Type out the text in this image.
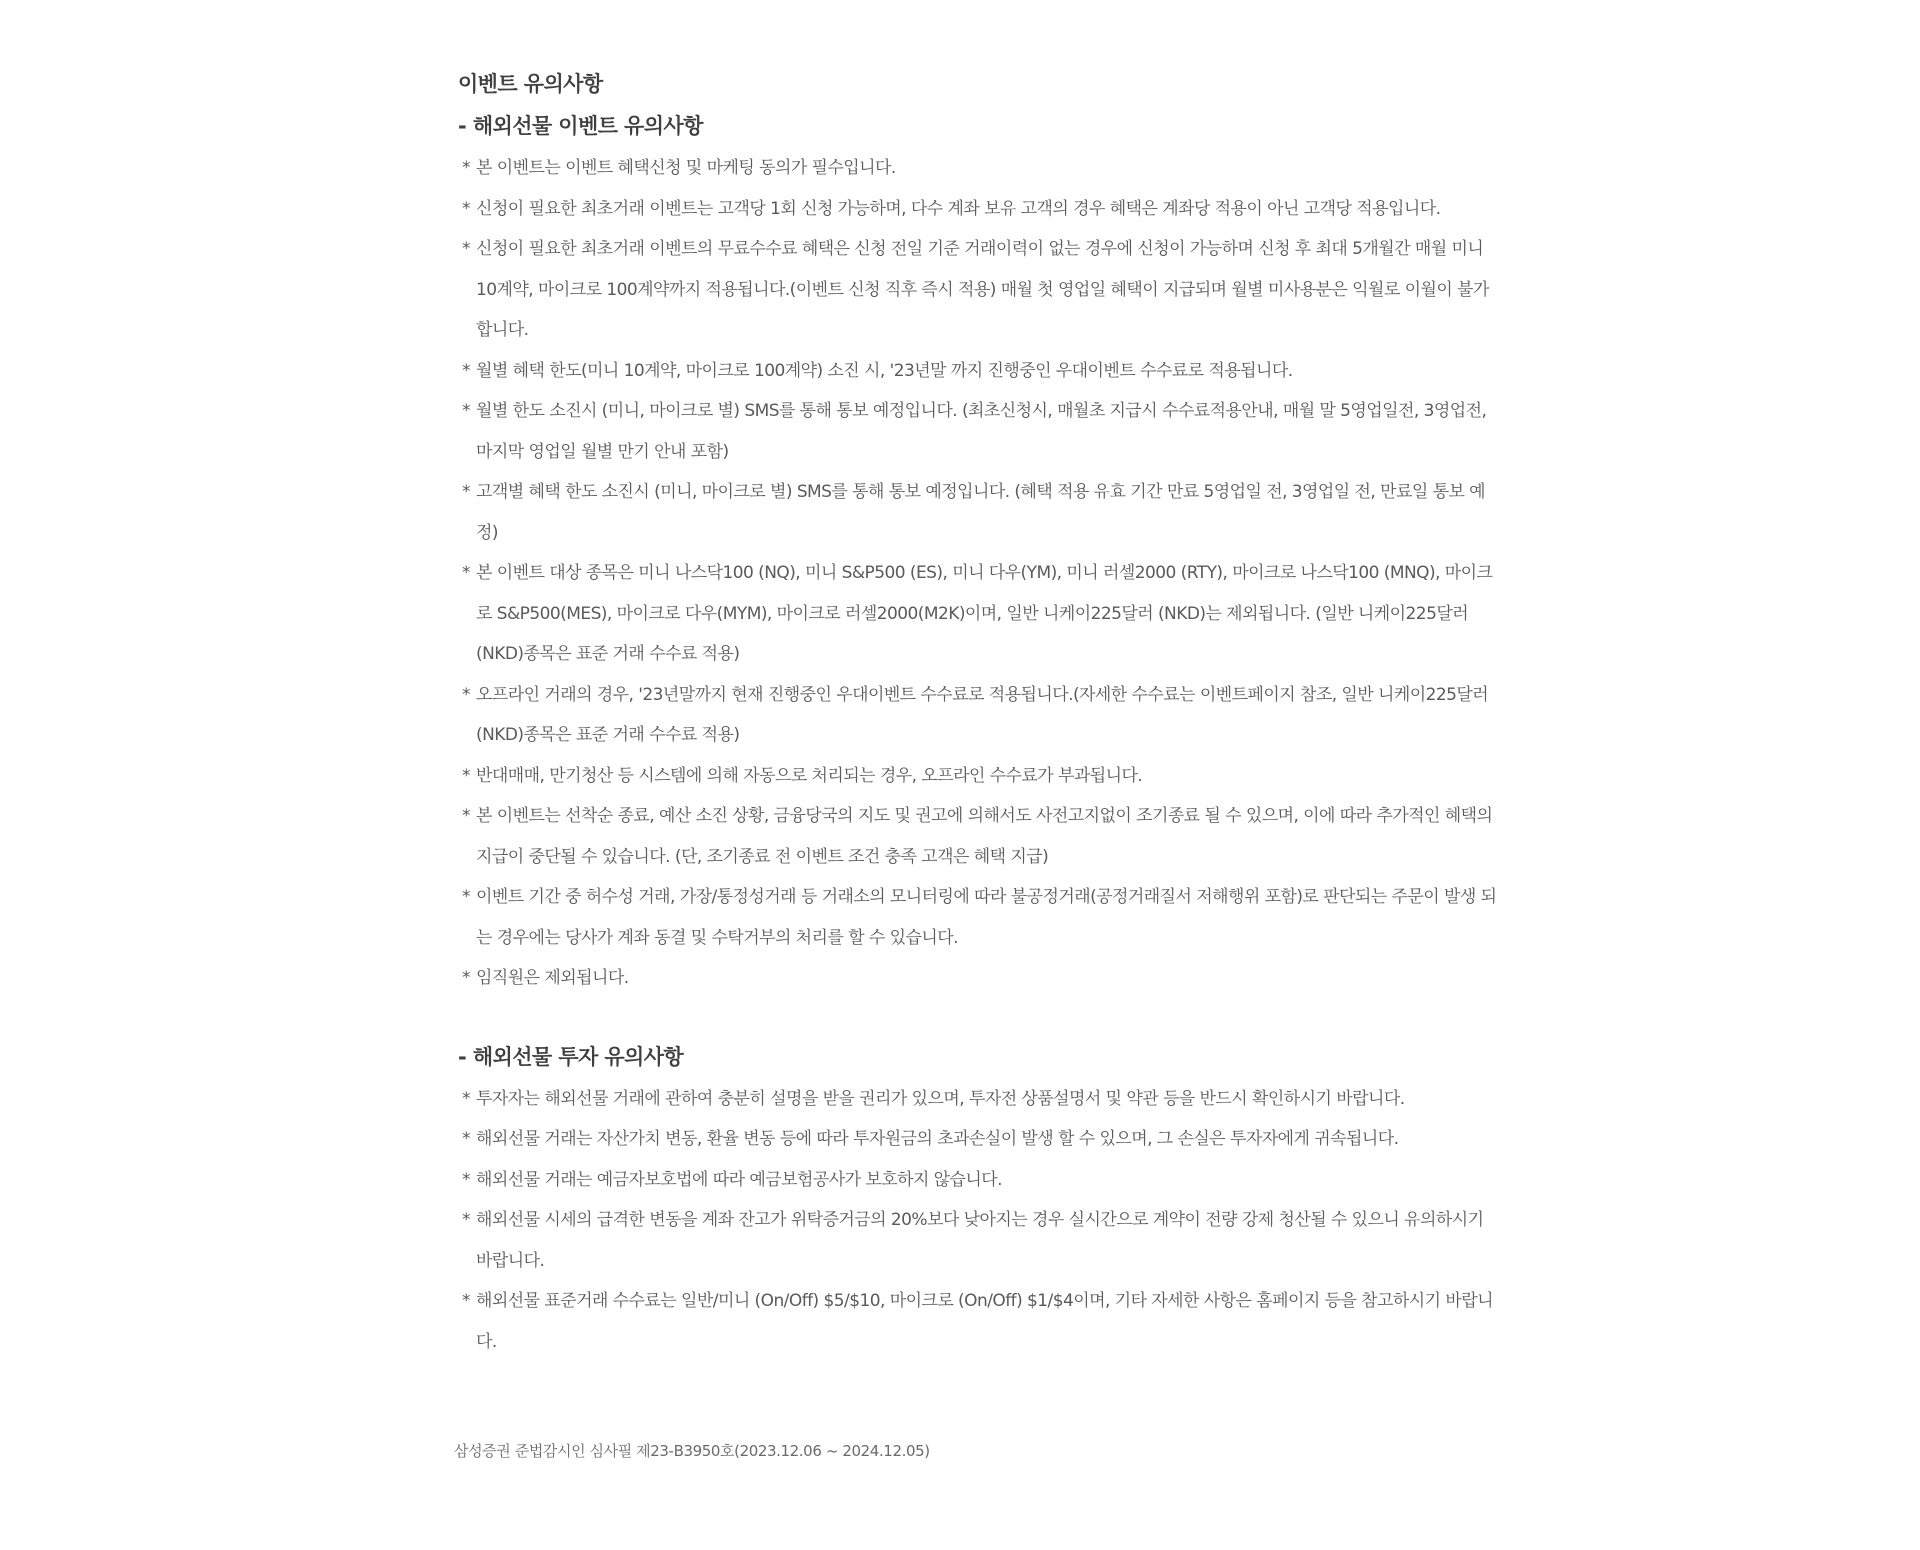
이벤트 유의사항
- 해외선물 이벤트 유의사항
* 본 이벤트는 이벤트 혜택신청 및 마케팅 동의가 필수입니다.
* 신청이 필요한 최초거래 이벤트는 고객당 1회 신청 가능하며, 다수 계좌 보유 고객의 경우 혜택은 계좌당 적용이 아닌 고객당 적용입니다.
* 신청이 필요한 최초거래 이벤트의 무료수수료 혜택은 신청 전일 기준 거래이력이 없는 경우에 신청이 가능하며 신청 후 최대 5개월간 매월 미니 10계약, 마이크로 100계약까지 적용됩니다.(이벤트 신청 직후 즉시 적용) 매월 첫 영업일 혜택이 지급되며 월별 미사용분은 익월로 이월이 불가합니다.
* 월별 혜택 한도(미니 10계약, 마이크로 100계약) 소진 시, '23년말 까지 진행중인 우대이벤트 수수료로 적용됩니다.
* 월별 한도 소진시 (미니, 마이크로 별) SMS를 통해 통보 예정입니다. (최초신청시, 매월초 지급시 수수료적용안내, 매월 말 5영업일전, 3영업전, 마지막 영업일 월별 만기 안내 포함)
* 고객별 혜택 한도 소진시 (미니, 마이크로 별) SMS를 통해 통보 예정입니다. (혜택 적용 유효 기간 만료 5영업일 전, 3영업일 전, 만료일 통보 예정)
* 본 이벤트 대상 종목은 미니 나스닥100 (NQ), 미니 S&P500 (ES), 미니 다우(YM), 미니 러셀2000 (RTY), 마이크로 나스닥100 (MNQ), 마이크로 S&P500(MES), 마이크로 다우(MYM), 마이크로 러셀2000(M2K)이며, 일반 니케이225달러 (NKD)는 제외됩니다. (일반 니케이225달러 (NKD)종목은 표준 거래 수수료 적용)
* 오프라인 거래의 경우, '23년말까지 현재 진행중인 우대이벤트 수수료로 적용됩니다.(자세한 수수료는 이벤트페이지 참조, 일반 니케이225달러 (NKD)종목은 표준 거래 수수료 적용)
* 반대매매, 만기청산 등 시스템에 의해 자동으로 처리되는 경우, 오프라인 수수료가 부과됩니다.
* 본 이벤트는 선착순 종료, 예산 소진 상황, 금융당국의 지도 및 권고에 의해서도 사전고지없이 조기종료 될 수 있으며, 이에 따라 추가적인 혜택의 지급이 중단될 수 있습니다. (단, 조기종료 전 이벤트 조건 충족 고객은 혜택 지급)
* 이벤트 기간 중 허수성 거래, 가장/통정성거래 등 거래소의 모니터링에 따라 불공정거래(공정거래질서 저해행위 포함)로 판단되는 주문이 발생 되는 경우에는 당사가 계좌 동결 및 수탁거부의 처리를 할 수 있습니다.
* 임직원은 제외됩니다.
- 해외선물 투자 유의사항
* 투자자는 해외선물 거래에 관하여 충분히 설명을 받을 권리가 있으며, 투자전 상품설명서 및 약관 등을 반드시 확인하시기 바랍니다.
* 해외선물 거래는 자산가치 변동, 환율 변동 등에 따라 투자원금의 초과손실이 발생 할 수 있으며, 그 손실은 투자자에게 귀속됩니다.
* 해외선물 거래는 예금자보호법에 따라 예금보험공사가 보호하지 않습니다.
* 해외선물 시세의 급격한 변동을 계좌 잔고가 위탁증거금의 20%보다 낮아지는 경우 실시간으로 계약이 전량 강제 청산될 수 있으니 유의하시기 바랍니다.
* 해외선물 표준거래 수수료는 일반/미니 (On/Off) $5/$10, 마이크로 (On/Off) $1/$4이며, 기타 자세한 사항은 홈페이지 등을 참고하시기 바랍니다.
삼성증권 준법감시인 심사필 제23-B3950호(2023.12.06 ~ 2024.12.05)
